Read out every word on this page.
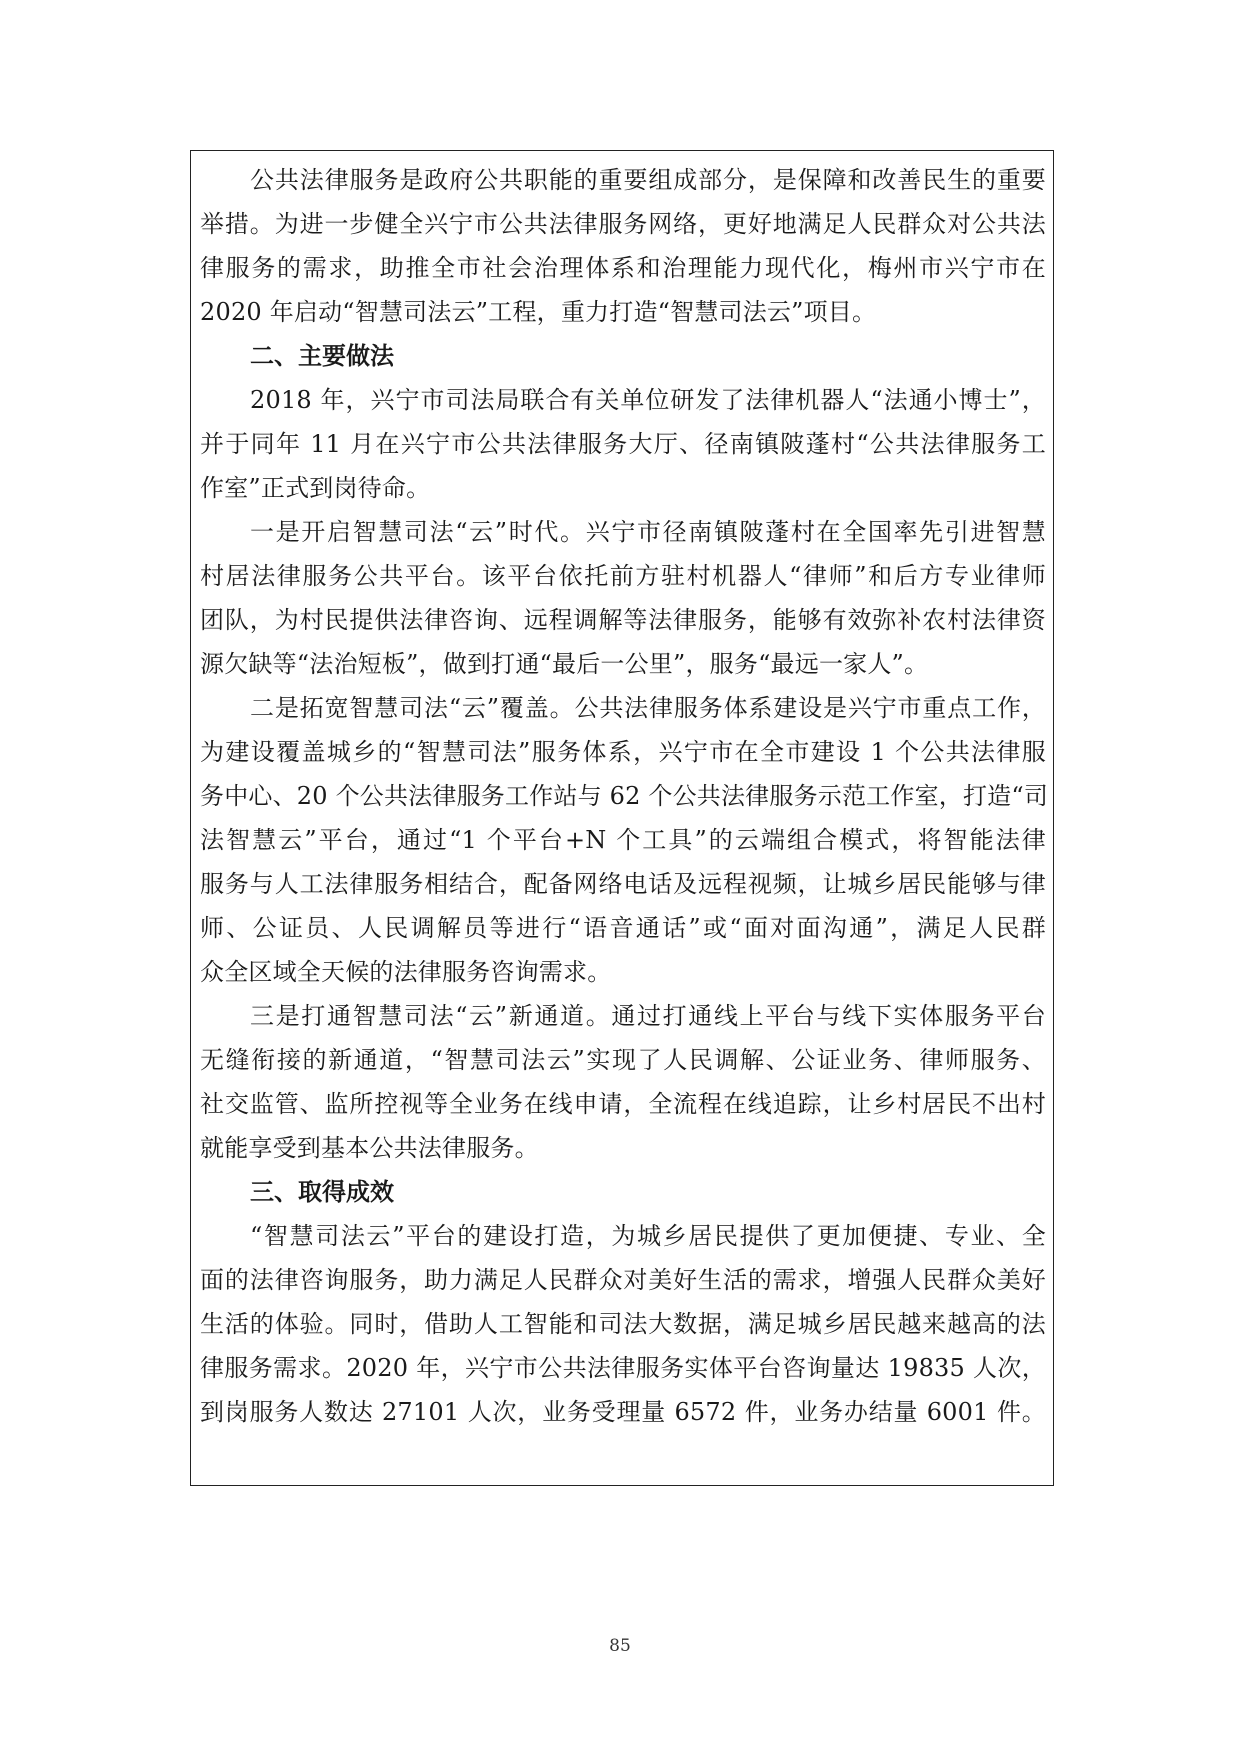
公共法律服务是政府公共职能的重要组成部分，是保障和改善民生的重要
举措。为进一步健全兴宁市公共法律服务网络，更好地满足人民群众对公共法
律服务的需求，助推全市社会治理体系和治理能力现代化，梅州市兴宁市在
2020 年启动“智慧司法云”工程，重力打造“智慧司法云”项目。
二、主要做法
2018 年，兴宁市司法局联合有关单位研发了法律机器人“法通小博士”，
并于同年 11 月在兴宁市公共法律服务大厅、径南镇陂蓬村“公共法律服务工
作室”正式到岗待命。
一是开启智慧司法“云”时代。兴宁市径南镇陂蓬村在全国率先引进智慧
村居法律服务公共平台。该平台依托前方驻村机器人“律师”和后方专业律师
团队，为村民提供法律咨询、远程调解等法律服务，能够有效弥补农村法律资
源欠缺等“法治短板”，做到打通“最后一公里”，服务“最远一家人”。
二是拓宽智慧司法“云”覆盖。公共法律服务体系建设是兴宁市重点工作，
为建设覆盖城乡的“智慧司法”服务体系，兴宁市在全市建设 1 个公共法律服
务中心、20 个公共法律服务工作站与 62 个公共法律服务示范工作室，打造“司
法智慧云”平台，通过“1 个平台+N 个工具”的云端组合模式，将智能法律
服务与人工法律服务相结合，配备网络电话及远程视频，让城乡居民能够与律
师、公证员、人民调解员等进行“语音通话”或“面对面沟通”，满足人民群
众全区域全天候的法律服务咨询需求。
三是打通智慧司法“云”新通道。通过打通线上平台与线下实体服务平台
无缝衔接的新通道，“智慧司法云”实现了人民调解、公证业务、律师服务、
社交监管、监所控视等全业务在线申请，全流程在线追踪，让乡村居民不出村
就能享受到基本公共法律服务。
三、取得成效
“智慧司法云”平台的建设打造，为城乡居民提供了更加便捷、专业、全
面的法律咨询服务，助力满足人民群众对美好生活的需求，增强人民群众美好
生活的体验。同时，借助人工智能和司法大数据，满足城乡居民越来越高的法
律服务需求。2020 年，兴宁市公共法律服务实体平台咨询量达 19835 人次，
到岗服务人数达 27101 人次，业务受理量 6572 件，业务办结量 6001 件。
85
